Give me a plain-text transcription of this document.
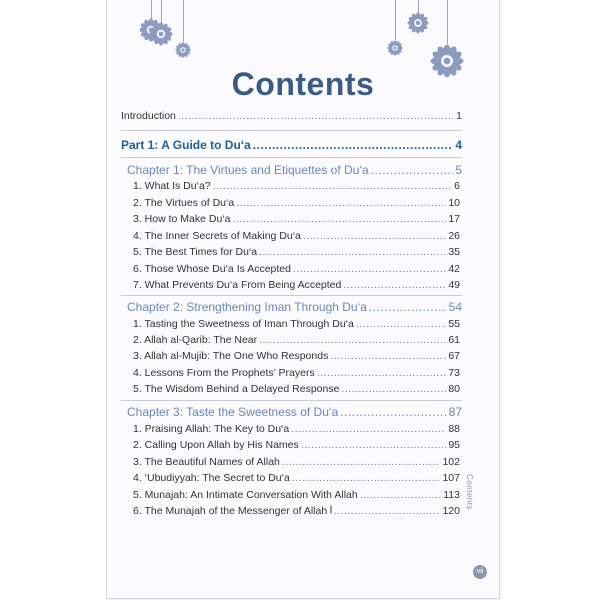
Contents
Introduction .....	1
Part 1: A Guide to Du‘a .....	4
Chapter 1: The Virtues and Etiquettes of Du‘a .....	5
1. What Is Du‘a? .....	6
2. The Virtues of Du‘a .....	10
3. How to Make Du‘a .....	17
4. The Inner Secrets of Making Du‘a .....	26
5. The Best Times for Du‘a .....	35
6. Those Whose Du‘a Is Accepted .....	42
7. What Prevents Du‘a From Being Accepted .....	49
Chapter 2: Strengthening Iman Through Du‘a .....	54
1. Tasting the Sweetness of Iman Through Du‘a .....	55
2. Allah al-Qarib: The Near .....	61
3. Allah al-Mujib: The One Who Responds .....	67
4. Lessons From the Prophets’ Prayers .....	73
5. The Wisdom Behind a Delayed Response .....	80
Chapter 3: Taste the Sweetness of Du‘a .....	87
1. Praising Allah: The Key to Du‘a .....	88
2. Calling Upon Allah by His Names .....	95
3. The Beautiful Names of Allah .....	102
4. ‘Ubudiyyah: The Secret to Du‘a .....	107
5. Munajah: An Intimate Conversation With Allah .....	113
6. The Munajah of the Messenger of Allah .....	120
Contents
vii
